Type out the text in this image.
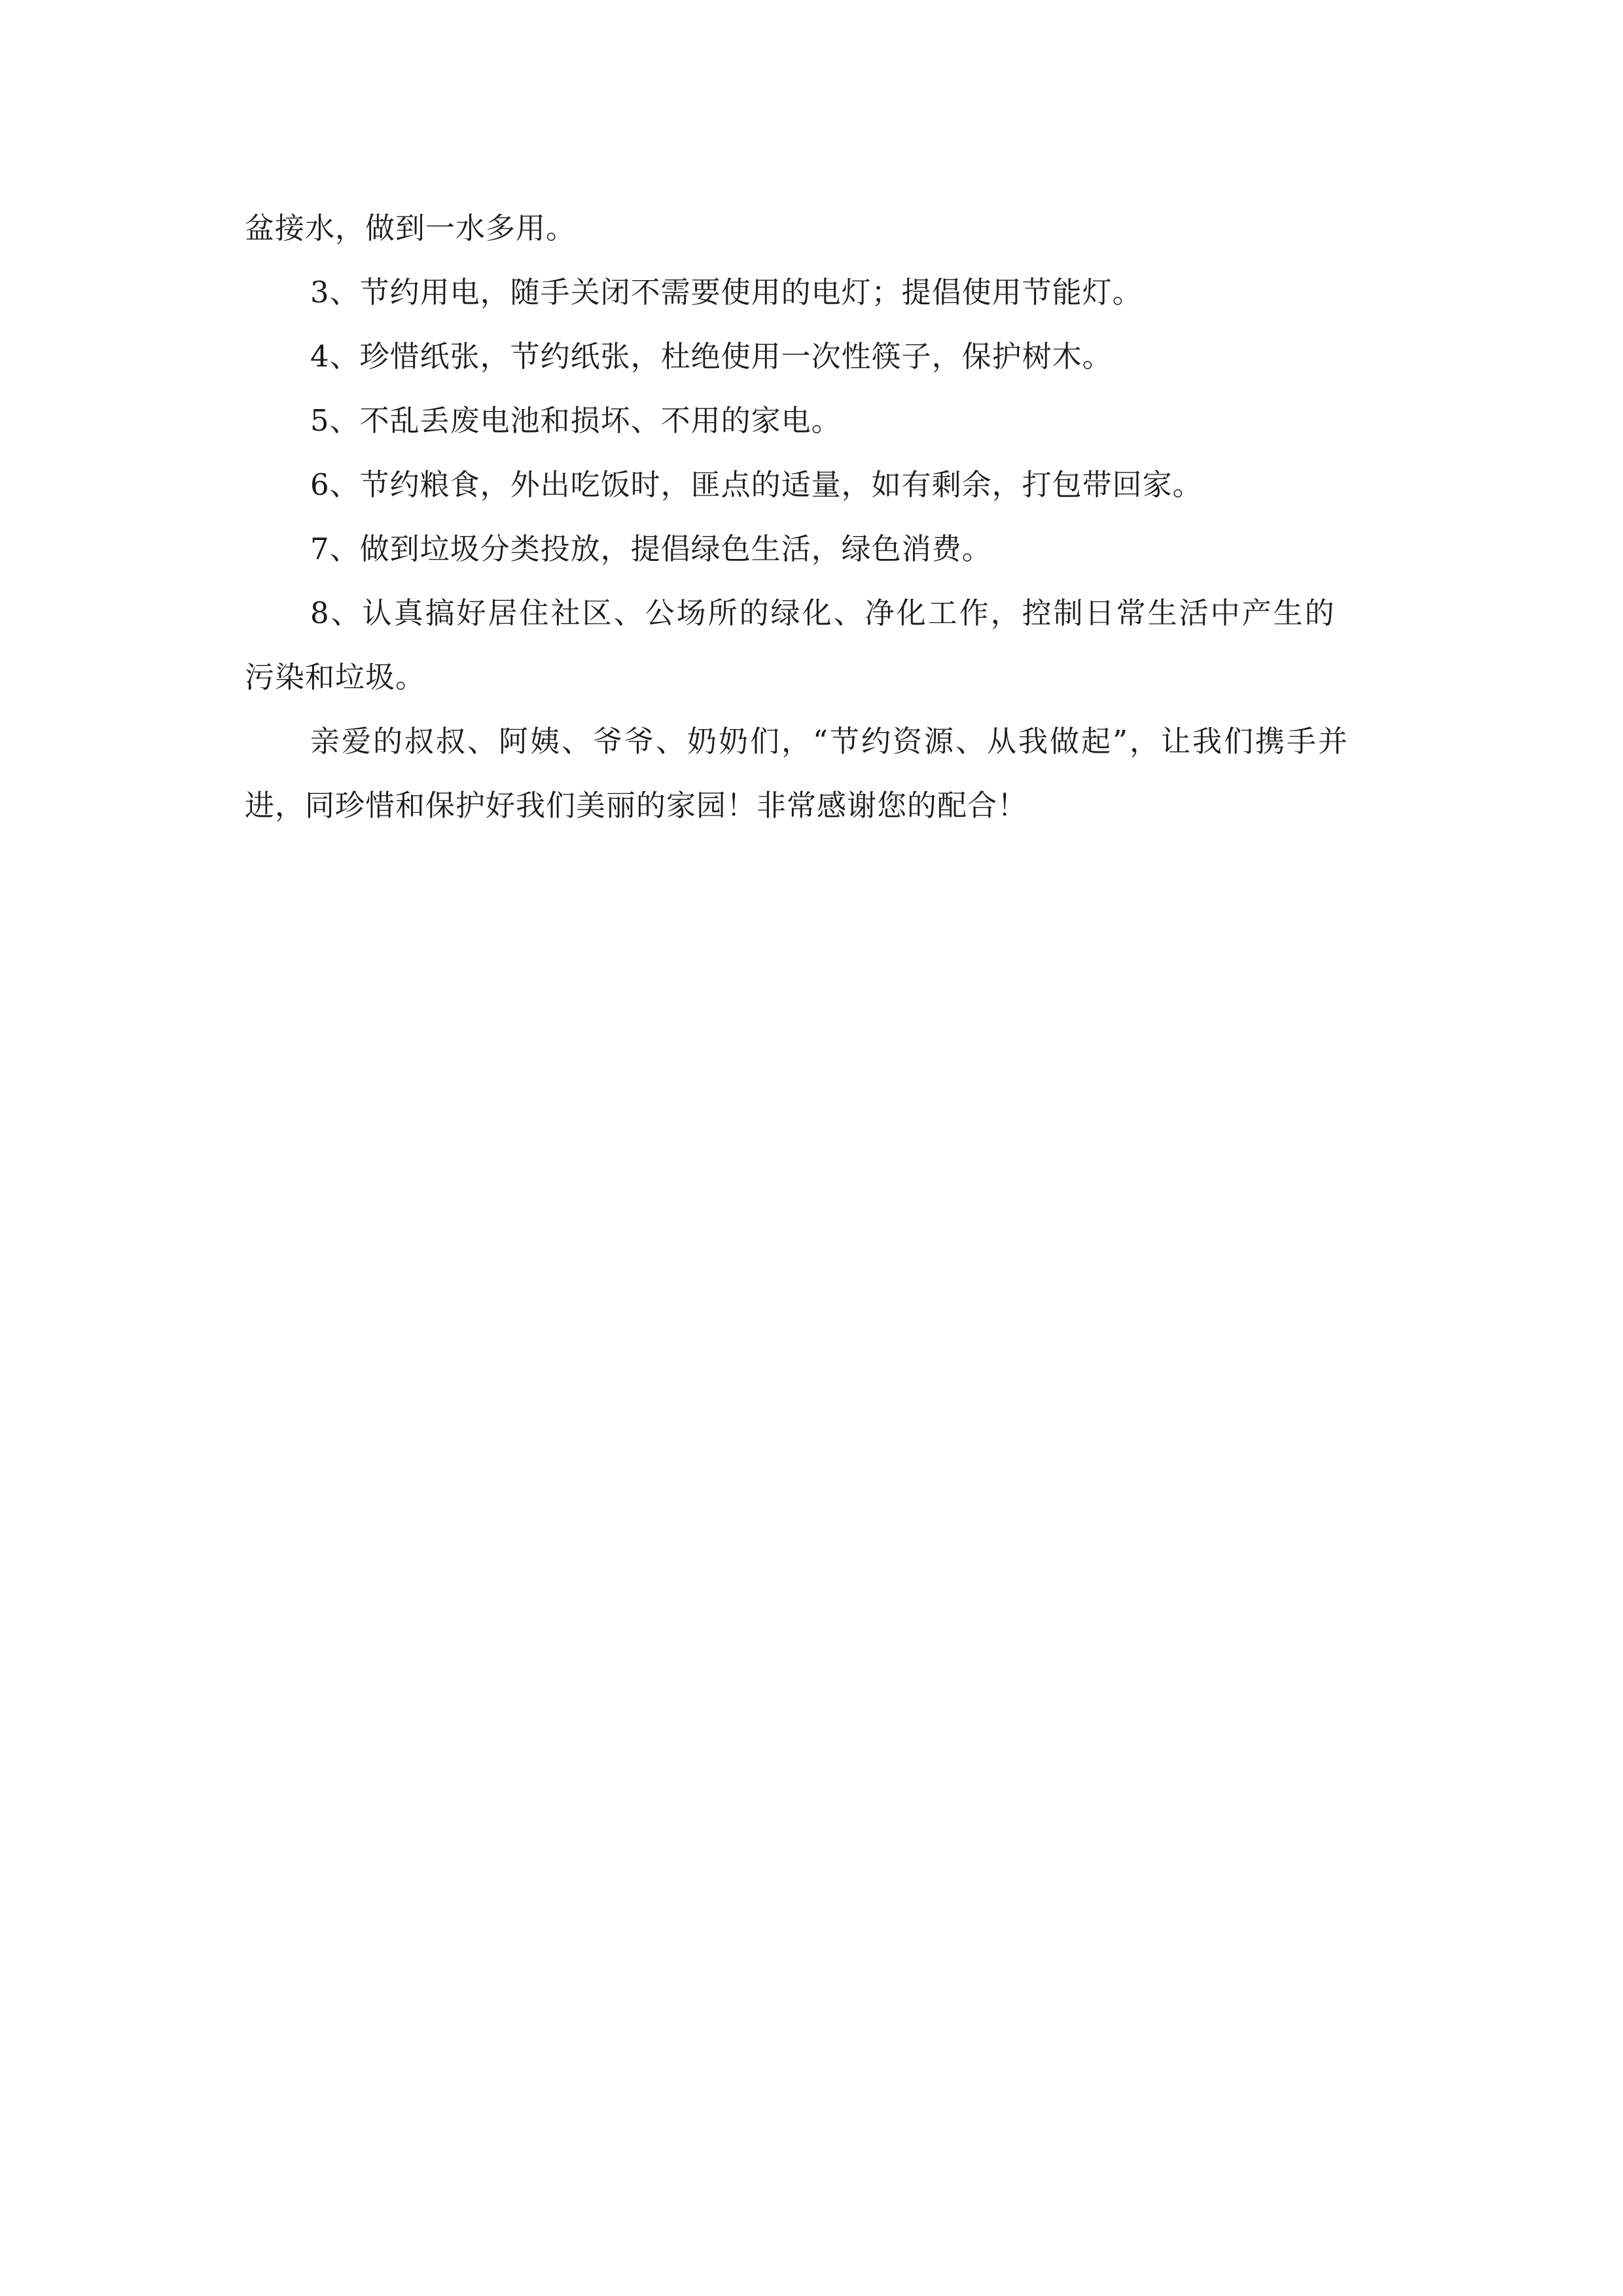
盆接水，做到一水多用。
3、节约用电，随手关闭不需要使用的电灯；提倡使用节能灯。
4、珍惜纸张，节约纸张，杜绝使用一次性筷子，保护树木。
5、不乱丢废电池和损坏、不用的家电。
6、节约粮食，外出吃饭时，匪点的适量，如有剩余，打包带回家。
7、做到垃圾分类投放，提倡绿色生活，绿色消费。
8、认真搞好居住社区、公场所的绿化、净化工作，控制日常生活中产生的
污染和垃圾。
亲爱的叔叔、阿姨、爷爷、奶奶们，“节约资源、从我做起”，让我们携手并
进，同珍惜和保护好我们美丽的家园！非常感谢您的配合！
